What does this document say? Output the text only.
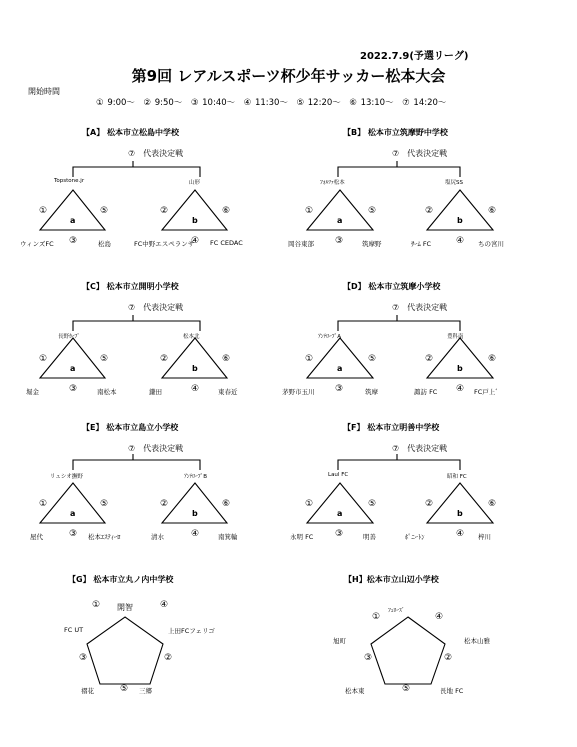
2022.7.9(予選リーグ)
第9回 レアルスポーツ杯少年サッカー松本大会
開始時間
① 9:00～　② 9:50～　③ 10:40～　④ 11:30～　⑤ 12:20～　⑥ 13:10～　⑦ 14:20～
【A】 松本市立松島中学校
⑦　代表決定戦
Topstone.jr	山形
①	⑤
a
③
ウィンズFC	松島
②	⑥
b
④
FC中野エスペランサ FC CEDAC
【B】 松本市立筑摩野中学校
⑦　代表決定戦
ﾌｫﾙﾂｧ松本	塩尻SS
①	⑤
a
③
岡谷東部	筑摩野
②	⑥
b
④
ｻｰﾑ FC	ちの宮川
【C】 松本市立開明小学校
⑦　代表決定戦
長野ｶｰﾌﾟ	松本北
①	⑤
a
③
堀金	南松本
②	⑥
b
④
鎌田	東春近
【D】 松本市立筑摩小学校
⑦　代表決定戦
ｱﾝﾃﾛｰﾌﾟA	豊科南
①	⑤
a
③
茅野市玉川	筑摩
②	⑥
b
④
諏訪 FC	FC戸上ﾞ
【E】 松本市立島立小学校
⑦　代表決定戦
リュシオ撫野	ｱﾝﾃﾛｰﾌﾟB
①	⑤
a
③
屋代	松本ｴｽﾃｨｰﾛ
②	⑥
b
④
清水	南箕輪
【F】 松本市立明善中学校
⑦　代表決定戦
Laul FC	昭和 FC
①	⑤
a
③
永明 FC	明善
②	⑥
b
④
ﾎﾟﾆｰﾄﾝ	梓川
【G】 松本市立丸ノ内中学校
① 開智	④
FC UT	上田FCフェリゴ
②
③
褶花	⑤ 三郷
【H】松本市立山辺小学校
ﾌｪﾛｰｽﾞ
①	④
旭町	松本山雅
③	②
松本東	⑤	長地 FC
